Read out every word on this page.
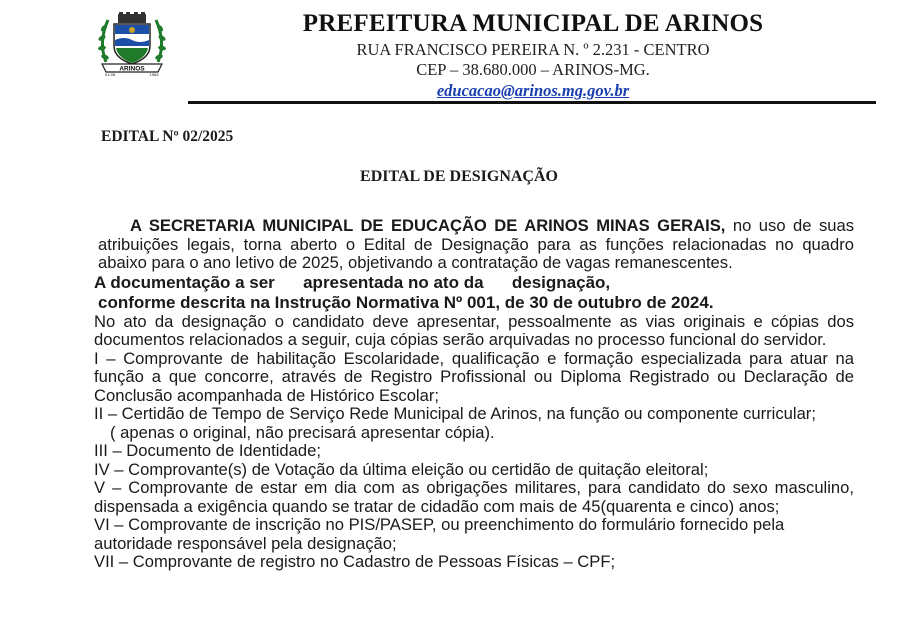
ARINOS
01-05	1963
PREFEITURA MUNICIPAL DE ARINOS
RUA FRANCISCO PEREIRA N. º 2.231 - CENTRO
CEP – 38.680.000 – ARINOS-MG.
educacao@arinos.mg.gov.br
EDITAL Nº 02/2025
EDITAL DE DESIGNAÇÃO

A SECRETARIA MUNICIPAL DE EDUCAÇÃO DE ARINOS MINAS GERAIS, no uso de suas atribuições legais, torna aberto o Edital de Designação para as funções relacionadas no quadro abaixo para o ano letivo de 2025, objetivando a contratação de vagas remanescentes.

A documentação a ser      apresentada no ato da      designação,

conforme descrita na Instrução Normativa Nº 001, de 30 de outubro de 2024.

No ato da designação o candidato deve apresentar, pessoalmente as vias originais e cópias dos documentos relacionados a seguir, cuja cópias serão arquivadas no processo funcional do servidor.

I – Comprovante de habilitação Escolaridade, qualificação e formação especializada para atuar na função a que concorre, através de Registro Profissional ou Diploma Registrado ou Declaração de Conclusão acompanhada de Histórico Escolar;

II – Certidão de Tempo de Serviço Rede Municipal de Arinos, na função ou componente curricular;

( apenas o original, não precisará apresentar cópia).

III – Documento de Identidade;

IV – Comprovante(s) de Votação da última eleição ou certidão de quitação eleitoral;

V – Comprovante de estar em dia com as obrigações militares, para candidato do sexo masculino, dispensada a exigência quando se tratar de cidadão com mais de 45(quarenta e cinco) anos;

VI – Comprovante de inscrição no PIS/PASEP, ou preenchimento do formulário fornecido pela autoridade responsável pela designação;

VII – Comprovante de registro no Cadastro de Pessoas Físicas – CPF;
